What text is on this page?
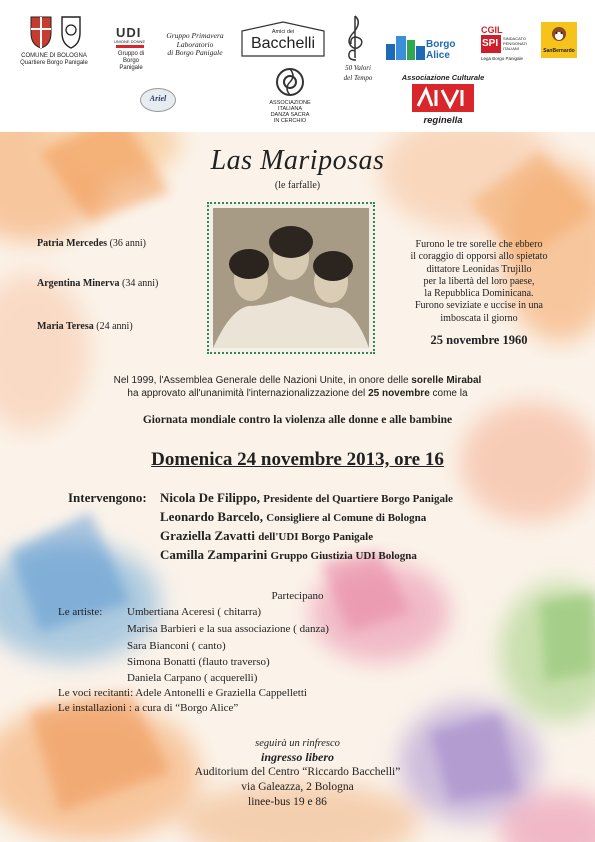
COMUNE DI BOLOGNA
Quartiere Borgo Panigale
UDI
UNIONE DONNE
Gruppo di
Borgo Panigale
Gruppo Primavera
Laboratorio
di Borgo Panigale
Ariel
Amici dei
Bacchelli
ASSOCIAZIONE
ITALIANA
DANZA SACRA
IN CERCHIO
50 Valori
del Tempo
Borgo Alice
CGIL
SPI SINDACATO
PENSIONATI
ITALIANI
Lega Borgo Panigale
SanBernardo
Associazione Culturale
reginella
Las Mariposas
(le farfalle)
Patria Mercedes (36 anni)
Argentina Minerva (34 anni)
Maria Teresa (24 anni)
Furono le tre sorelle che ebbero
il coraggio di opporsi allo spietato
dittatore Leonidas Trujillo
per la libertà del loro paese,
la Repubblica Dominicana.
Furono seviziate e uccise in una
imboscata il giorno
25 novembre 1960
Nel 1999, l'Assemblea Generale delle Nazioni Unite, in onore delle sorelle Mirabal
ha approvato all'unanimità l'internazionalizzazione del 25 novembre come la
Giornata mondiale contro la violenza alle donne e alle bambine
Domenica 24 novembre 2013, ore 16
Intervengono: Nicola De Filippo, Presidente del Quartiere Borgo Panigale
Leonardo Barcelo, Consigliere al Comune di Bologna
Graziella Zavatti dell'UDI Borgo Panigale
Camilla Zamparini Gruppo Giustizia UDI Bologna
Partecipano
Le artiste: Umbertiana Aceresi ( chitarra)
Marisa Barbieri e la sua associazione ( danza)
Sara Bianconi ( canto)
Simona Bonatti (flauto traverso)
Daniela Carpano ( acquerelli)
Le voci recitanti: Adele Antonelli e Graziella Cappelletti
Le installazioni : a cura di “Borgo Alice”
seguirà un rinfresco
ingresso libero
Auditorium del Centro “Riccardo Bacchelli”
via Galeazza, 2 Bologna
linee-bus 19 e 86
